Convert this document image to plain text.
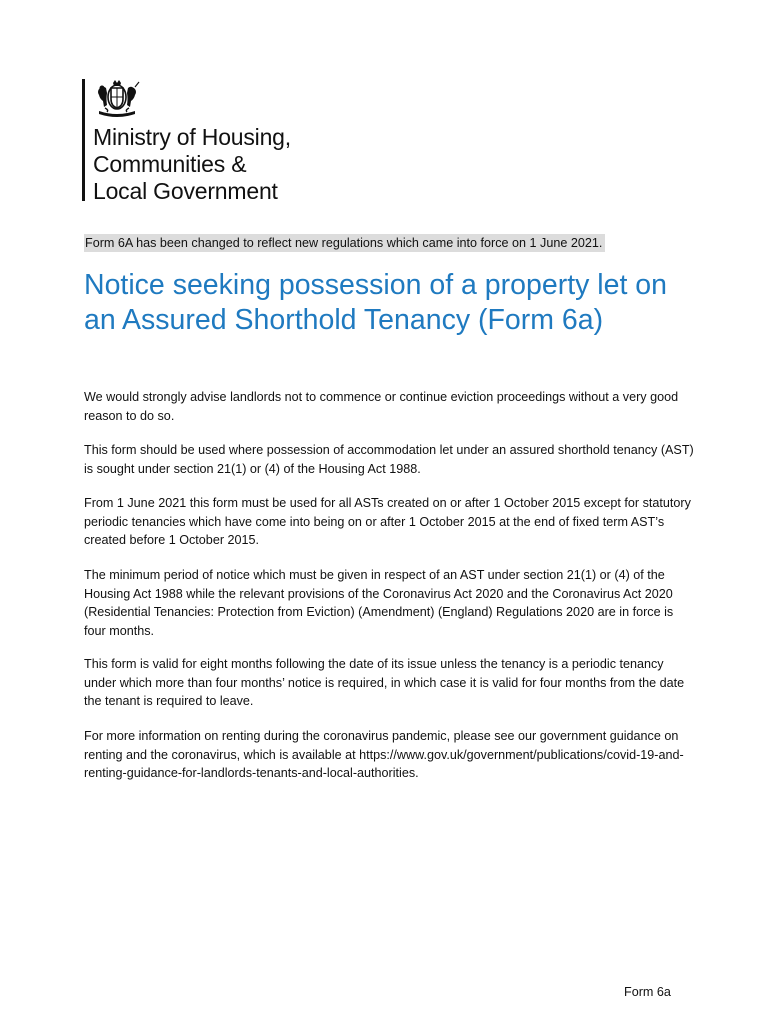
Ministry of Housing,
Communities &
Local Government
Form 6A has been changed to reflect new regulations which came into force on 1 June 2021.
Notice seeking possession of a property let on an Assured Shorthold Tenancy (Form 6a)

We would strongly advise landlords not to commence or continue eviction proceedings without a very good reason to do so.

This form should be used where possession of accommodation let under an assured shorthold tenancy (AST) is sought under section 21(1) or (4) of the Housing Act 1988.

From 1 June 2021 this form must be used for all ASTs created on or after 1 October 2015 except for statutory periodic tenancies which have come into being on or after 1 October 2015 at the end of fixed term AST’s created before 1 October 2015.

The minimum period of notice which must be given in respect of an AST under section 21(1) or (4) of the Housing Act 1988 while the relevant provisions of the Coronavirus Act 2020 and the Coronavirus Act 2020 (Residential Tenancies: Protection from Eviction) (Amendment) (England) Regulations 2020 are in force is four months.

This form is valid for eight months following the date of its issue unless the tenancy is a periodic tenancy under which more than four months’ notice is required, in which case it is valid for four months from the date the tenant is required to leave.

For more information on renting during the coronavirus pandemic, please see our government guidance on renting and the coronavirus, which is available at https://www.gov.uk/government/publications/covid-19-and-renting-guidance-for-landlords-tenants-and-local-authorities.

Form 6a
